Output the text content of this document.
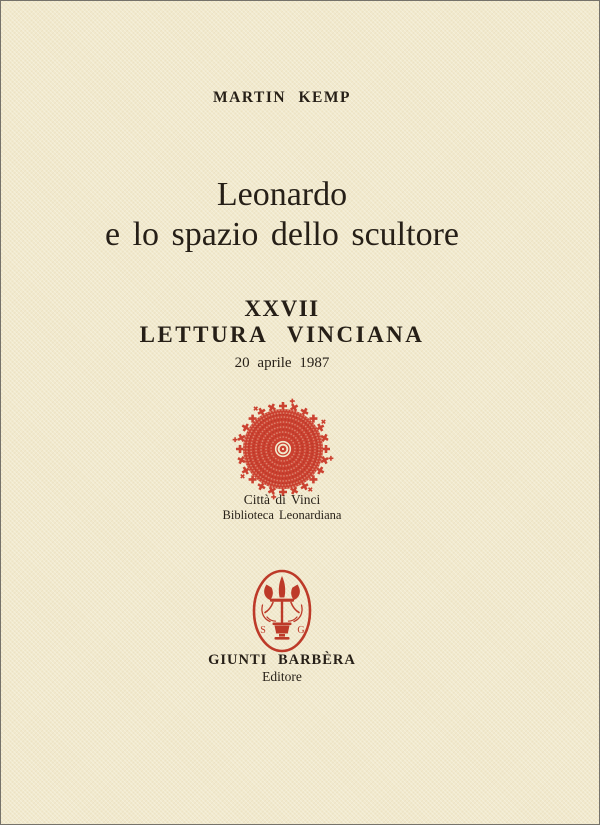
MARTIN KEMP
Leonardo
e lo spazio dello scultore
XXVII
LETTURA VINCIANA
20 aprile 1987
Città di Vinci
Biblioteca Leonardiana
S	G
GIUNTI BARBÈRA
Editore
